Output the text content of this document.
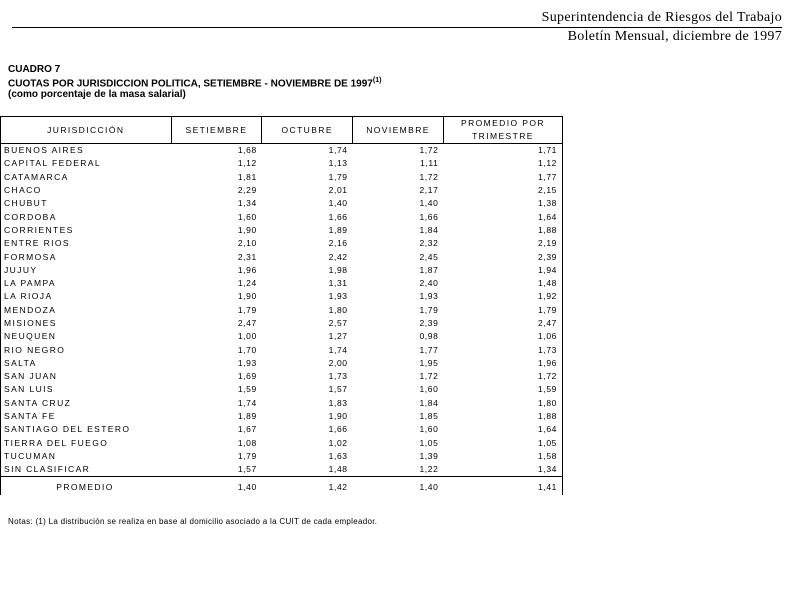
Superintendencia de Riesgos del Trabajo
Boletín Mensual, diciembre de 1997
CUADRO 7
CUOTAS POR JURISDICCION POLITICA, SETIEMBRE - NOVIEMBRE DE 1997$^{(1)}$
(como porcentaje de la masa salarial)
JURISDICCIÓN	SETIEMBRE	OCTUBRE	NOVIEMBRE	PROMEDIO POR
TRIMESTRE

BUENOS AIRES	1,68	1,74	1,72	1,71
CAPITAL FEDERAL	1,12	1,13	1,11	1,12
CATAMARCA	1,81	1,79	1,72	1,77
CHACO	2,29	2,01	2,17	2,15
CHUBUT	1,34	1,40	1,40	1,38
CORDOBA	1,60	1,66	1,66	1,64
CORRIENTES	1,90	1,89	1,84	1,88
ENTRE RIOS	2,10	2,16	2,32	2,19
FORMOSA	2,31	2,42	2,45	2,39
JUJUY	1,96	1,98	1,87	1,94
LA PAMPA	1,24	1,31	2,40	1,48
LA RIOJA	1,90	1,93	1,93	1,92
MENDOZA	1,79	1,80	1,79	1,79
MISIONES	2,47	2,57	2,39	2,47
NEUQUEN	1,00	1,27	0,98	1,06
RIO NEGRO	1,70	1,74	1,77	1,73
SALTA	1,93	2,00	1,95	1,96
SAN JUAN	1,69	1,73	1,72	1,72
SAN LUIS	1,59	1,57	1,60	1,59
SANTA CRUZ	1,74	1,83	1,84	1,80
SANTA FE	1,89	1,90	1,85	1,88
SANTIAGO DEL ESTERO	1,67	1,66	1,60	1,64
TIERRA DEL FUEGO	1,08	1,02	1,05	1,05
TUCUMAN	1,79	1,63	1,39	1,58
SIN CLASIFICAR	1,57	1,48	1,22	1,34
PROMEDIO	1,40	1,42	1,40	1,41
Notas: (1) La distribución se realiza en base al domicilio asociado a la CUIT de cada empleador.
